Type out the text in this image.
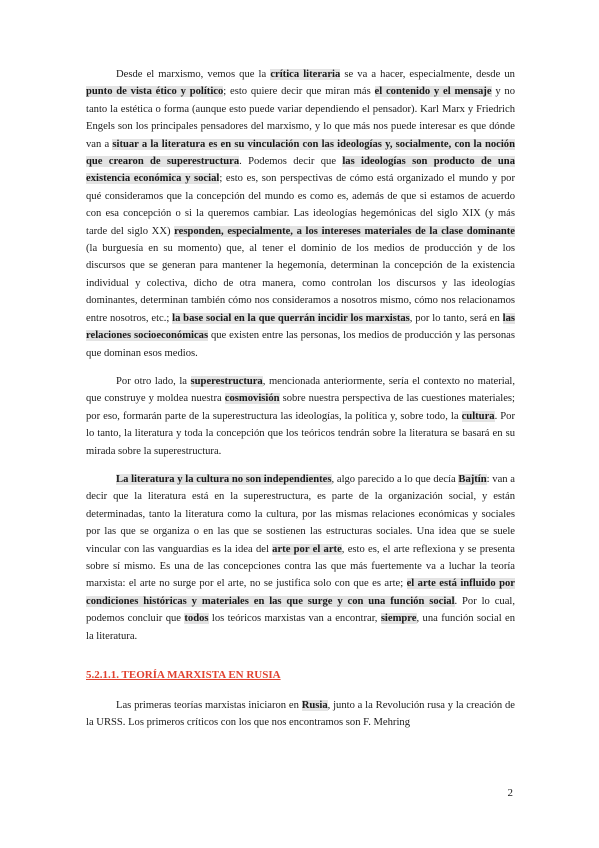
Desde el marxismo, vemos que la crítica literaria se va a hacer, especialmente, desde un punto de vista ético y político; esto quiere decir que miran más el contenido y el mensaje y no tanto la estética o forma (aunque esto puede variar dependiendo el pensador). Karl Marx y Friedrich Engels son los principales pensadores del marxismo, y lo que más nos puede interesar es que dónde van a situar a la literatura es en su vinculación con las ideologías y, socialmente, con la noción que crearon de superestructura. Podemos decir que las ideologías son producto de una existencia económica y social; esto es, son perspectivas de cómo está organizado el mundo y por qué consideramos que la concepción del mundo es como es, además de que si estamos de acuerdo con esa concepción o si la queremos cambiar. Las ideologías hegemónicas del siglo XIX (y más tarde del siglo XX) responden, especialmente, a los intereses materiales de la clase dominante (la burguesía en su momento) que, al tener el dominio de los medios de producción y de los discursos que se generan para mantener la hegemonía, determinan la concepción de la existencia individual y colectiva, dicho de otra manera, como controlan los discursos y las ideologías dominantes, determinan también cómo nos consideramos a nosotros mismo, cómo nos relacionamos entre nosotros, etc.; la base social en la que querrán incidir los marxistas, por lo tanto, será en las relaciones socioeconómicas que existen entre las personas, los medios de producción y las personas que dominan esos medios.

Por otro lado, la superestructura, mencionada anteriormente, sería el contexto no material, que construye y moldea nuestra cosmovisión sobre nuestra perspectiva de las cuestiones materiales; por eso, formarán parte de la superestructura las ideologías, la política y, sobre todo, la cultura. Por lo tanto, la literatura y toda la concepción que los teóricos tendrán sobre la literatura se basará en su mirada sobre la superestructura.

La literatura y la cultura no son independientes, algo parecido a lo que decía Bajtín: van a decir que la literatura está en la superestructura, es parte de la organización social, y están determinadas, tanto la literatura como la cultura, por las mismas relaciones económicas y sociales por las que se organiza o en las que se sostienen las estructuras sociales. Una idea que se suele vincular con las vanguardias es la idea del arte por el arte, esto es, el arte reflexiona y se presenta sobre sí mismo. Es una de las concepciones contra las que más fuertemente va a luchar la teoría marxista: el arte no surge por el arte, no se justifica solo con que es arte; el arte está influido por condiciones históricas y materiales en las que surge y con una función social. Por lo cual, podemos concluir que todos los teóricos marxistas van a encontrar, siempre, una función social en la literatura.

5.2.1.1. TEORÍA MARXISTA EN RUSIA

Las primeras teorías marxistas iniciaron en Rusia, junto a la Revolución rusa y la creación de la URSS. Los primeros críticos con los que nos encontramos son F. Mehring

2
